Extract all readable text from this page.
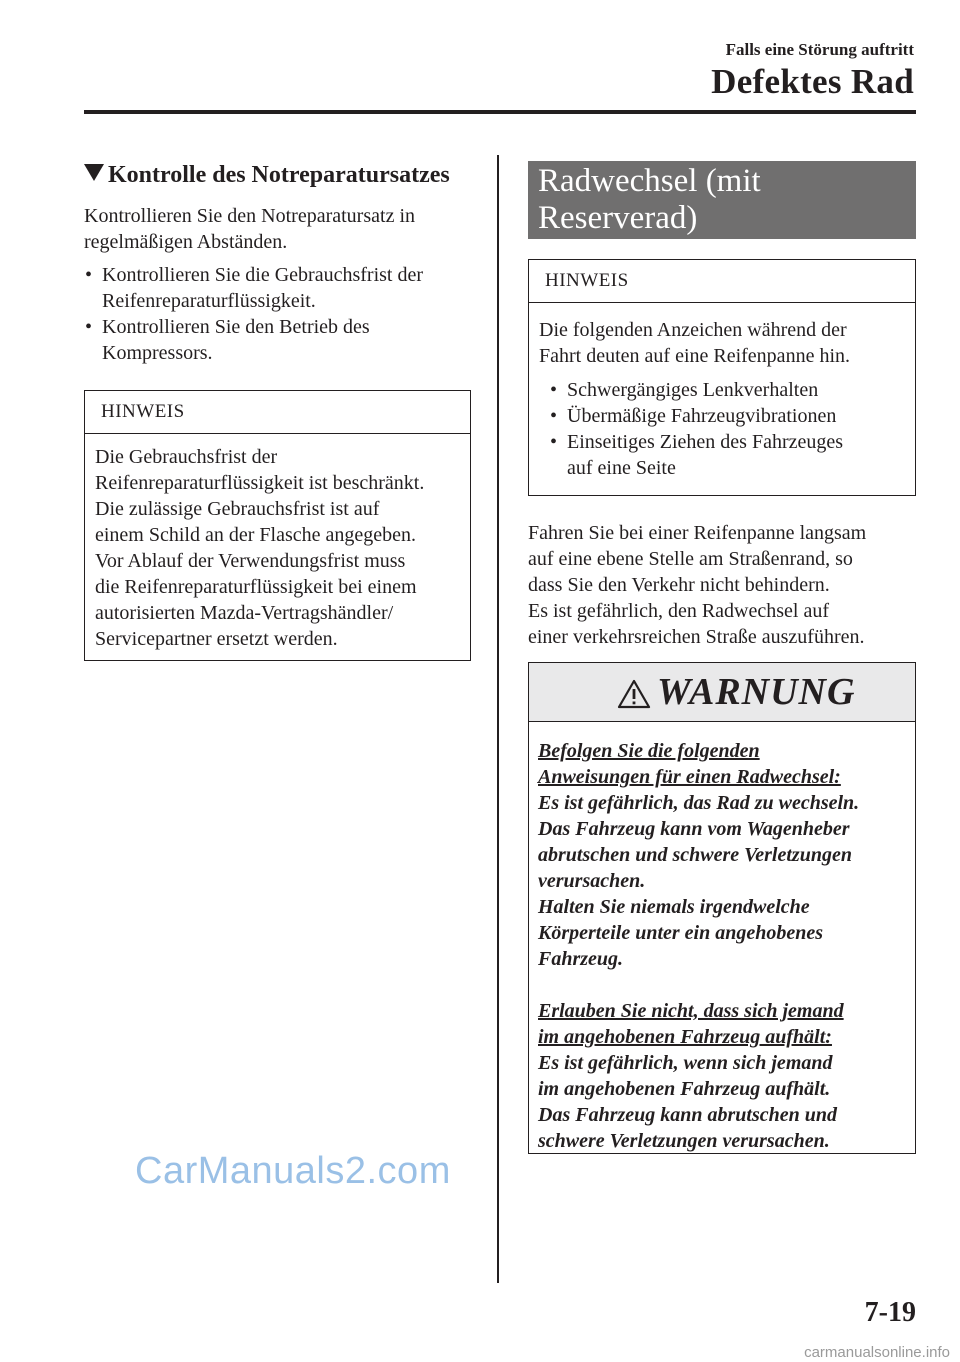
Falls eine Störung auftritt
Defektes Rad
Kontrolle des Notreparatursatzes
Kontrollieren Sie den Notreparatursatz in
regelmäßigen Abständen.
• Kontrollieren Sie die Gebrauchsfrist der
Reifenreparaturflüssigkeit.
• Kontrollieren Sie den Betrieb des
Kompressors.
HINWEIS
Die Gebrauchsfrist der
Reifenreparaturflüssigkeit ist beschränkt.
Die zulässige Gebrauchsfrist ist auf
einem Schild an der Flasche angegeben.
Vor Ablauf der Verwendungsfrist muss
die Reifenreparaturflüssigkeit bei einem
autorisierten Mazda-Vertragshändler/
Servicepartner ersetzt werden.
Radwechsel (mit
Reserverad)
HINWEIS
Die folgenden Anzeichen während der
Fahrt deuten auf eine Reifenpanne hin.
• Schwergängiges Lenkverhalten
• Übermäßige Fahrzeugvibrationen
• Einseitiges Ziehen des Fahrzeuges
auf eine Seite
Fahren Sie bei einer Reifenpanne langsam
auf eine ebene Stelle am Straßenrand, so
dass Sie den Verkehr nicht behindern.
Es ist gefährlich, den Radwechsel auf
einer verkehrsreichen Straße auszuführen.
WARNUNG
Befolgen Sie die folgenden
Anweisungen für einen Radwechsel:
Es ist gefährlich, das Rad zu wechseln.
Das Fahrzeug kann vom Wagenheber
abrutschen und schwere Verletzungen
verursachen.
Halten Sie niemals irgendwelche
Körperteile unter ein angehobenes
Fahrzeug.
Erlauben Sie nicht, dass sich jemand
im angehobenen Fahrzeug aufhält:
Es ist gefährlich, wenn sich jemand
im angehobenen Fahrzeug aufhält.
Das Fahrzeug kann abrutschen und
schwere Verletzungen verursachen.
CarManuals2.com
7-19
carmanualsonline.info
